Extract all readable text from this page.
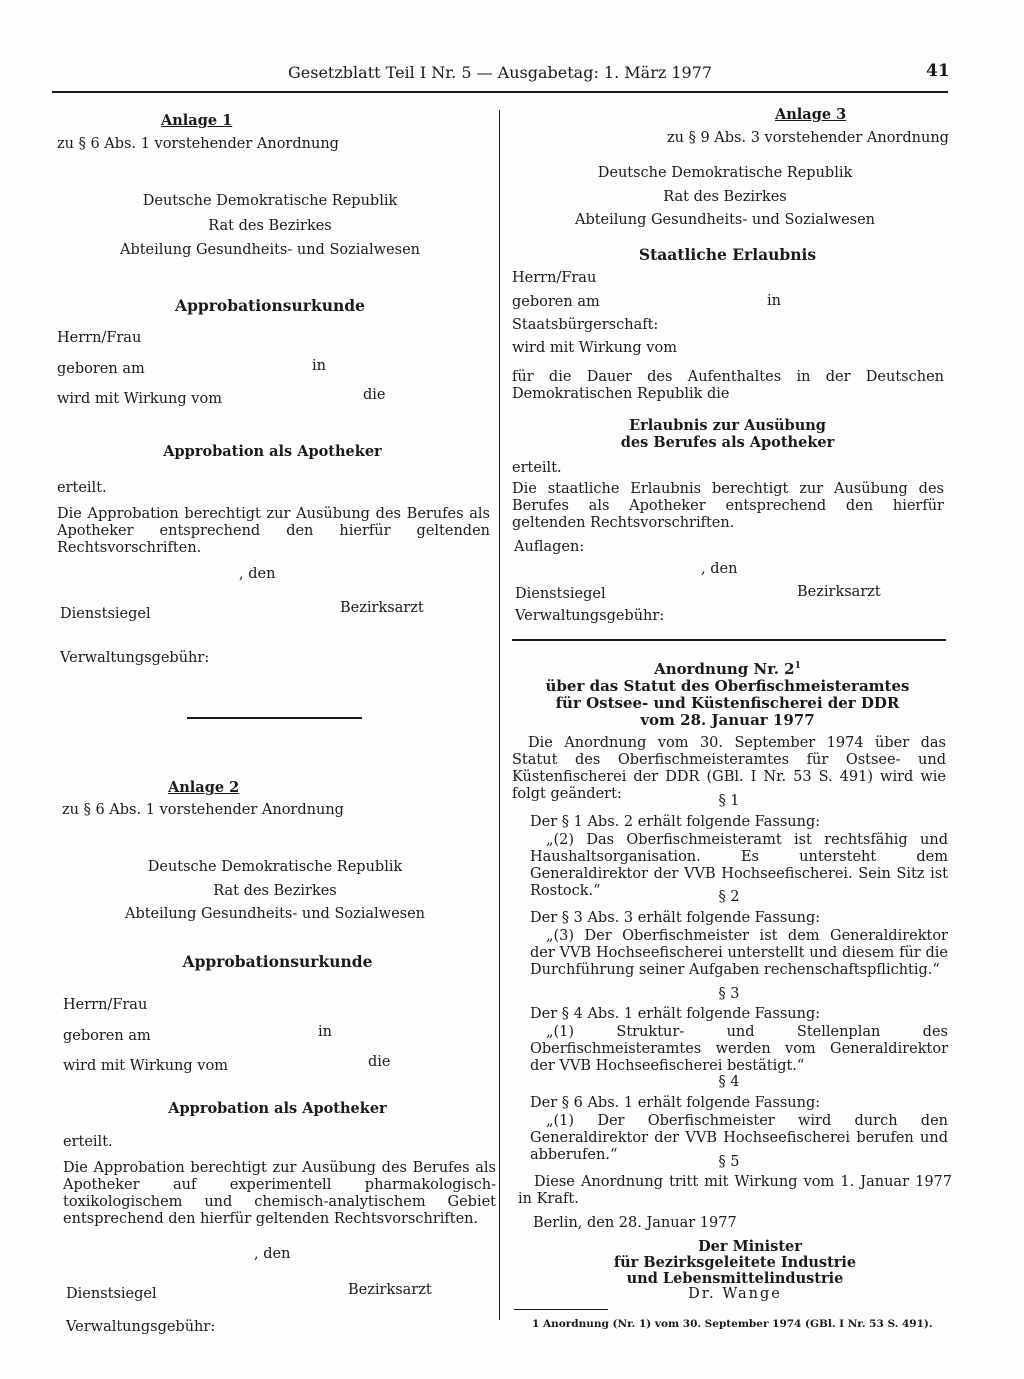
Gesetzblatt Teil I Nr. 5 — Ausgabetag: 1. März 1977	41
Anlage 1
zu § 6 Abs. 1 vorstehender Anordnung
Deutsche Demokratische Republik
Rat des Bezirkes
Abteilung Gesundheits- und Sozialwesen
Approbationsurkunde
Herrn/Frau
geboren am	in
wird mit Wirkung vom	die
Approbation als Apotheker
erteilt.
Die Approbation berechtigt zur Ausübung des Berufes als Apotheker entsprechend den hierfür geltenden Rechtsvorschriften.
, den
Dienstsiegel	Bezirksarzt
Verwaltungsgebühr:
Anlage 2
zu § 6 Abs. 1 vorstehender Anordnung
Deutsche Demokratische Republik
Rat des Bezirkes
Abteilung Gesundheits- und Sozialwesen
Approbationsurkunde
Herrn/Frau
geboren am	in
wird mit Wirkung vom	die
Approbation als Apotheker
erteilt.
Die Approbation berechtigt zur Ausübung des Berufes als Apotheker auf experimentell pharmakologisch-toxikologischem und chemisch-analytischem Gebiet entsprechend den hierfür geltenden Rechtsvorschriften.
, den
Dienstsiegel	Bezirksarzt
Verwaltungsgebühr:
Anlage 3
zu § 9 Abs. 3 vorstehender Anordnung
Deutsche Demokratische Republik
Rat des Bezirkes
Abteilung Gesundheits- und Sozialwesen
Staatliche Erlaubnis
Herrn/Frau
geboren am	in
Staatsbürgerschaft:
wird mit Wirkung vom
für die Dauer des Aufenthaltes in der Deutschen Demokratischen Republik die
Erlaubnis zur Ausübung
des Berufes als Apotheker
erteilt.
Die staatliche Erlaubnis berechtigt zur Ausübung des Berufes als Apotheker entsprechend den hierfür geltenden Rechtsvorschriften.
Auflagen:
, den
Dienstsiegel	Bezirksarzt
Verwaltungsgebühr:
Anordnung Nr. $2^1$
über das Statut des Oberfischmeisteramtes
für Ostsee- und Küstenfischerei der DDR
vom 28. Januar 1977
Die Anordnung vom 30. September 1974 über das Statut des Oberfischmeisteramtes für Ostsee- und Küstenfischerei der DDR (GBl. I Nr. 53 S. 491) wird wie folgt geändert:	§ 1
Der § 1 Abs. 2 erhält folgende Fassung:
„(2) Das Oberfischmeisteramt ist rechtsfähig und Haushaltsorganisation. Es untersteht dem Generaldirektor der VVB Hochseefischerei. Sein Sitz ist Rostock.“	§ 2
Der § 3 Abs. 3 erhält folgende Fassung:
„(3) Der Oberfischmeister ist dem Generaldirektor der VVB Hochseefischerei unterstellt und diesem für die Durchführung seiner Aufgaben rechenschaftspflichtig.“
§ 3
Der § 4 Abs. 1 erhält folgende Fassung:
„(1) Struktur- und Stellenplan des Oberfischmeisteramtes werden vom Generaldirektor der VVB Hochseefischerei bestätigt.“
§ 4
Der § 6 Abs. 1 erhält folgende Fassung:
„(1) Der Oberfischmeister wird durch den Generaldirektor der VVB Hochseefischerei berufen und abberufen.“	§ 5
Diese Anordnung tritt mit Wirkung vom 1. Januar 1977 in Kraft.
Berlin, den 28. Januar 1977
Der Minister
für Bezirksgeleitete Industrie
und Lebensmittelindustrie
Dr. Wange
1 Anordnung (Nr. 1) vom 30. September 1974 (GBl. I Nr. 53 S. 491).
